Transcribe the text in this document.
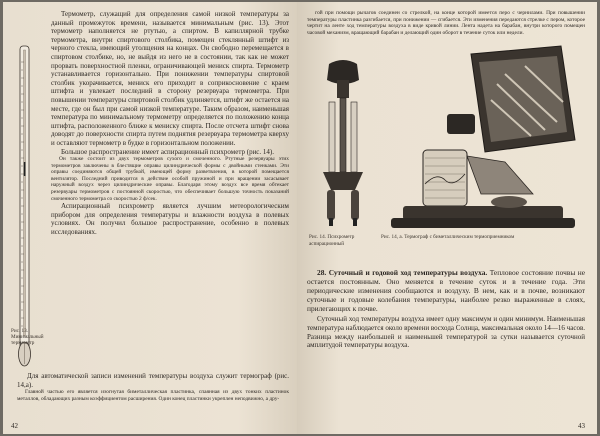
Термометр, служащий для определения самой низкой температуры за данный промежуток времени, называется минимальным (рис. 13). Этот термометр наполняется не ртутью, а спиртом. В капиллярной трубке термометра, внутри спиртового столбика, помещен стеклянный штифт из черного стекла, имеющий утолщения на концах. Он свободно перемещается в спиртовом столбике, но, не выйдя из него не в состоянии, так как не может прорвать поверхностной пленки, ограничивающей мениск спирта. Термометр устанавливается горизонтально. При понижении температуры спиртовой столбик укорачивается, мениск его приходит в соприкосновение с краем штифта и увлекает последний в сторону резервуара термометра. При повышении температуры спиртовой столбик удлиняется, штифт же остается на месте, где он был при самой низкой температуре. Таким образом, наименьшая температура по минимальному термометру определяется по положению конца штифта, расположенного ближе к мениску спирта. После отсчета штифт снова доводят до поверхности спирта путем поднятия резервуара термометра кверху и оставляют термометр в будке в горизонтальном положении.

Большое распространение имеет аспирационный психрометр (рис. 14).

Он также состоит из двух термометров сухого и смоченного. Ртутные резервуары этих термометров заключены в блестящие оправы цилиндрической формы с двойными стенками. Эти оправы соединяются общей трубкой, имеющей форму разветвления, в которой помещается вентилятор. Последний приводится в действие особой пружиной и при вращении засасывает наружный воздух через цилиндрические оправы. Благодаря этому воздух все время обтекает резервуары термометров с постоянной скоростью, что обеспечивает большую точность показаний смоченного термометра со скоростью 2 ф/сек.

Аспирационный психрометр является лучшим метеорологическим прибором для определения температуры и влажности воздуха в полевых условиях. Он получил большое распространение, особенно в полевых исследованиях.

Рис. 13. Минимальный термометр

Для автоматической записи изменений температуры воздуха служит термограф (рис. 14,а).

Главной частью его является изогнутая биметаллическая пластинка, спаянная из двух тонких пластинок металлов, обладающих разным коэффициентом расширения. Один конец пластинки укреплен неподвижно, а дру-

42

гой при помощи рычагов соединен со стрелкой, на конце которой имеется перо с чернилами. При повышении температуры пластинка разгибается, при понижении — сгибается. Эти изменения передаются стрелке с пером, которое чертит на ленте ход температуры воздуха в виде кривой линии. Лента надета на барабан, внутри которого помещен часовой механизм, вращающий барабан и делающий один оборот в течение суток или недели.

Рис. 14. Психрометр аспирационный
Рис. 14, а. Термограф с биметаллическим термоприемником

28. Суточный и годовой ход температуры воздуха. Тепловое состояние почвы не остается постоянным. Оно меняется в течение суток и в течение года. Эти периодические изменения сообщаются и воздуху. В нем, как и в почве, возникают суточные и годовые колебания температуры, наиболее резко выраженные в слоях, прилегающих к почве.

Суточный ход температуры воздуха имеет одну максимум и один минимум. Наименьшая температура наблюдается около времени восхода Солнца, максимальная около 14—16 часов. Разница между наибольшей и наименьшей температурой за сутки называется суточной амплитудой температуры воздуха.

43
